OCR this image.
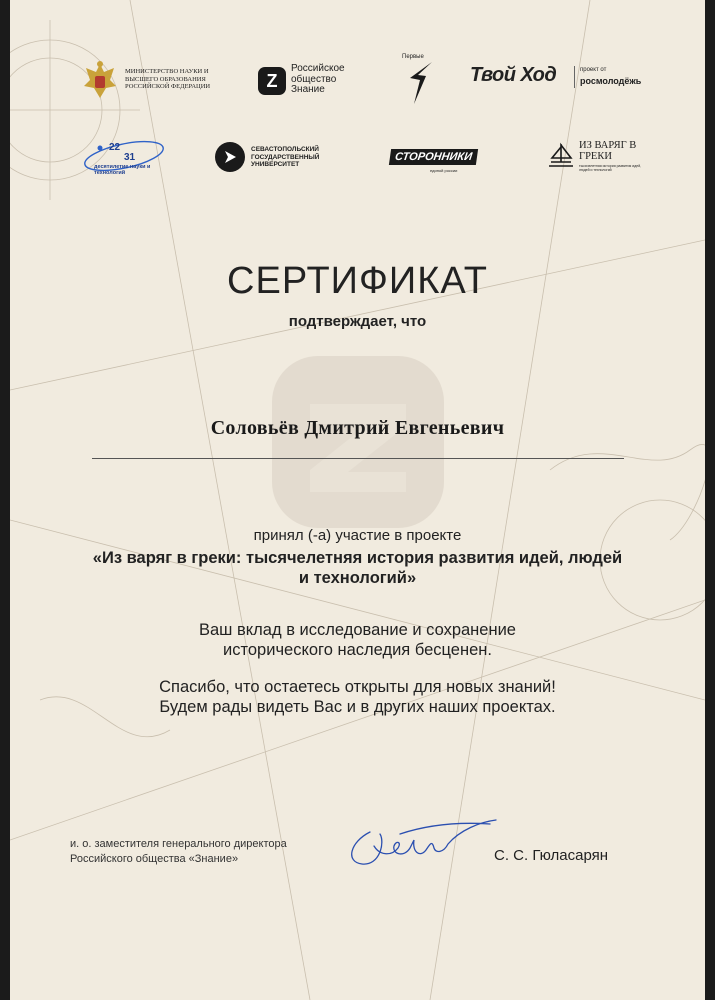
МИНИСТЕРСТВО НАУКИ И ВЫСШЕГО ОБРАЗОВАНИЯ РОССИЙСКОЙ ФЕДЕРАЦИИ	Z
Российское общество Знание
Первые
Твой Ход	проект от
росмолодёжь
22
31
десятилетие науки и технологий
СЕВАСТОПОЛЬСКИЙ ГОСУДАРСТВЕННЫЙ УНИВЕРСИТЕТ
СТОРОННИКИ
единой россии
ИЗ ВАРЯГ В ГРЕКИ
тысячелетняя история развития идей, людей и технологий
СЕРТИФИКАТ
подтверждает, что
Соловьёв Дмитрий Евгеньевич
принял (-а) участие в проекте
«Из варяг в греки: тысячелетняя история развития идей, людей и технологий»
Ваш вклад в исследование и сохранение исторического наследия бесценен.
Спасибо, что остаетесь открыты для новых знаний! Будем рады видеть Вас и в других наших проектах.
и. о. заместителя генерального директора
Российского общества «Знание»	С. С. Гюласарян
